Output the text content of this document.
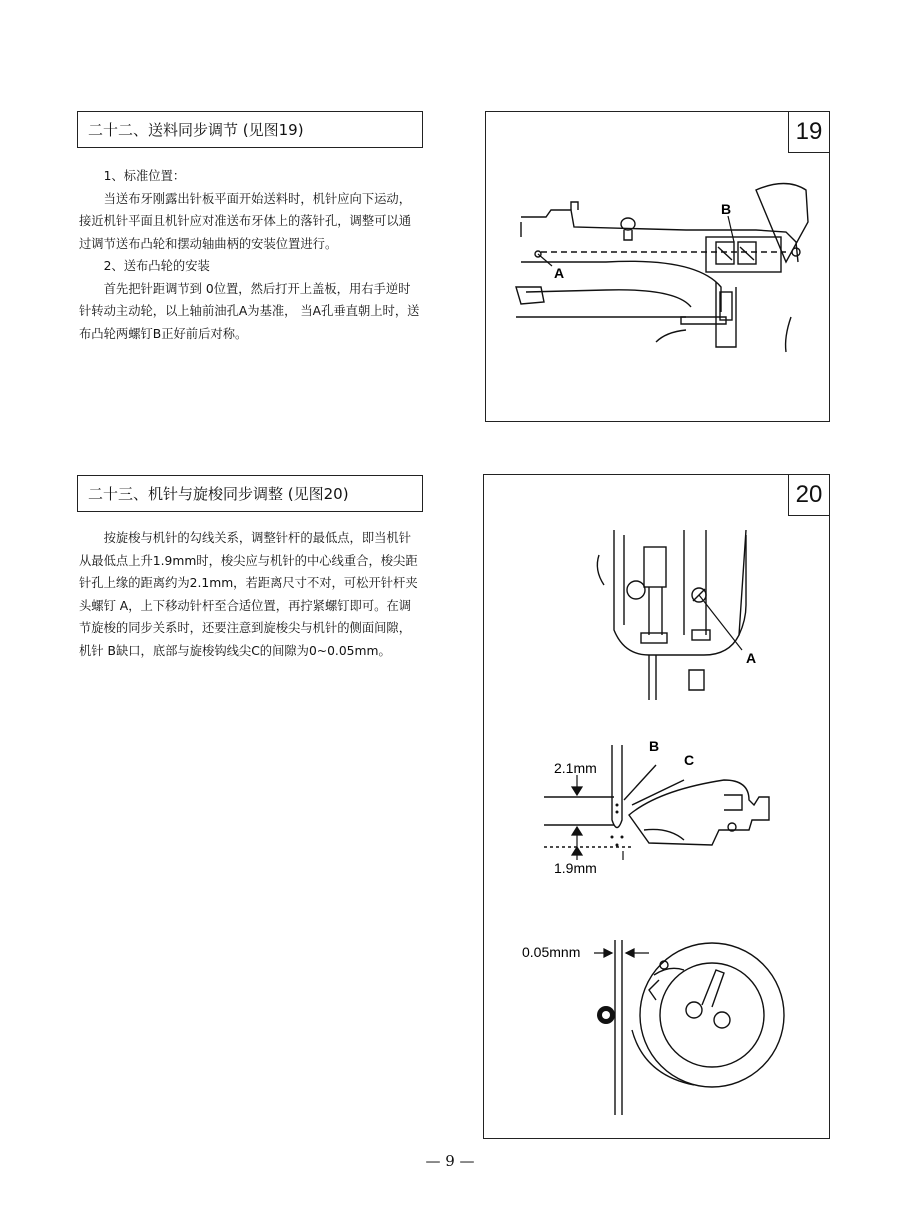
二十二、送料同步调节 (见图19)

1、标准位置：

当送布牙刚露出针板平面开始送料时，机针应向下运动，接近机针平面且机针应对准送布牙体上的落针孔，调整可以通过调节送布凸轮和摆动轴曲柄的安装位置进行。

2、送布凸轮的安装

首先把针距调节到 0位置，然后打开上盖板，用右手逆时针转动主动轮，以上轴前油孔A为基准， 当A孔垂直朝上时，送布凸轮两螺钉B正好前后对称。

19
A
B
二十三、机针与旋梭同步调整 (见图20)

按旋梭与机针的勾线关系，调整针杆的最低点，即当机针从最低点上升1.9mm时，梭尖应与机针的中心线重合，梭尖距针孔上缘的距离约为2.1mm，若距离尺寸不对，可松开针杆夹头螺钉 A，上下移动针杆至合适位置，再拧紧螺钉即可。在调节旋梭的同步关系时，还要注意到旋梭尖与机针的侧面间隙，机针 B缺口，底部与旋梭钩线尖C的间隙为0~0.05mm。

20
A
2.1mm
1.9mm
B
C
0.05mnm
— 9 —
